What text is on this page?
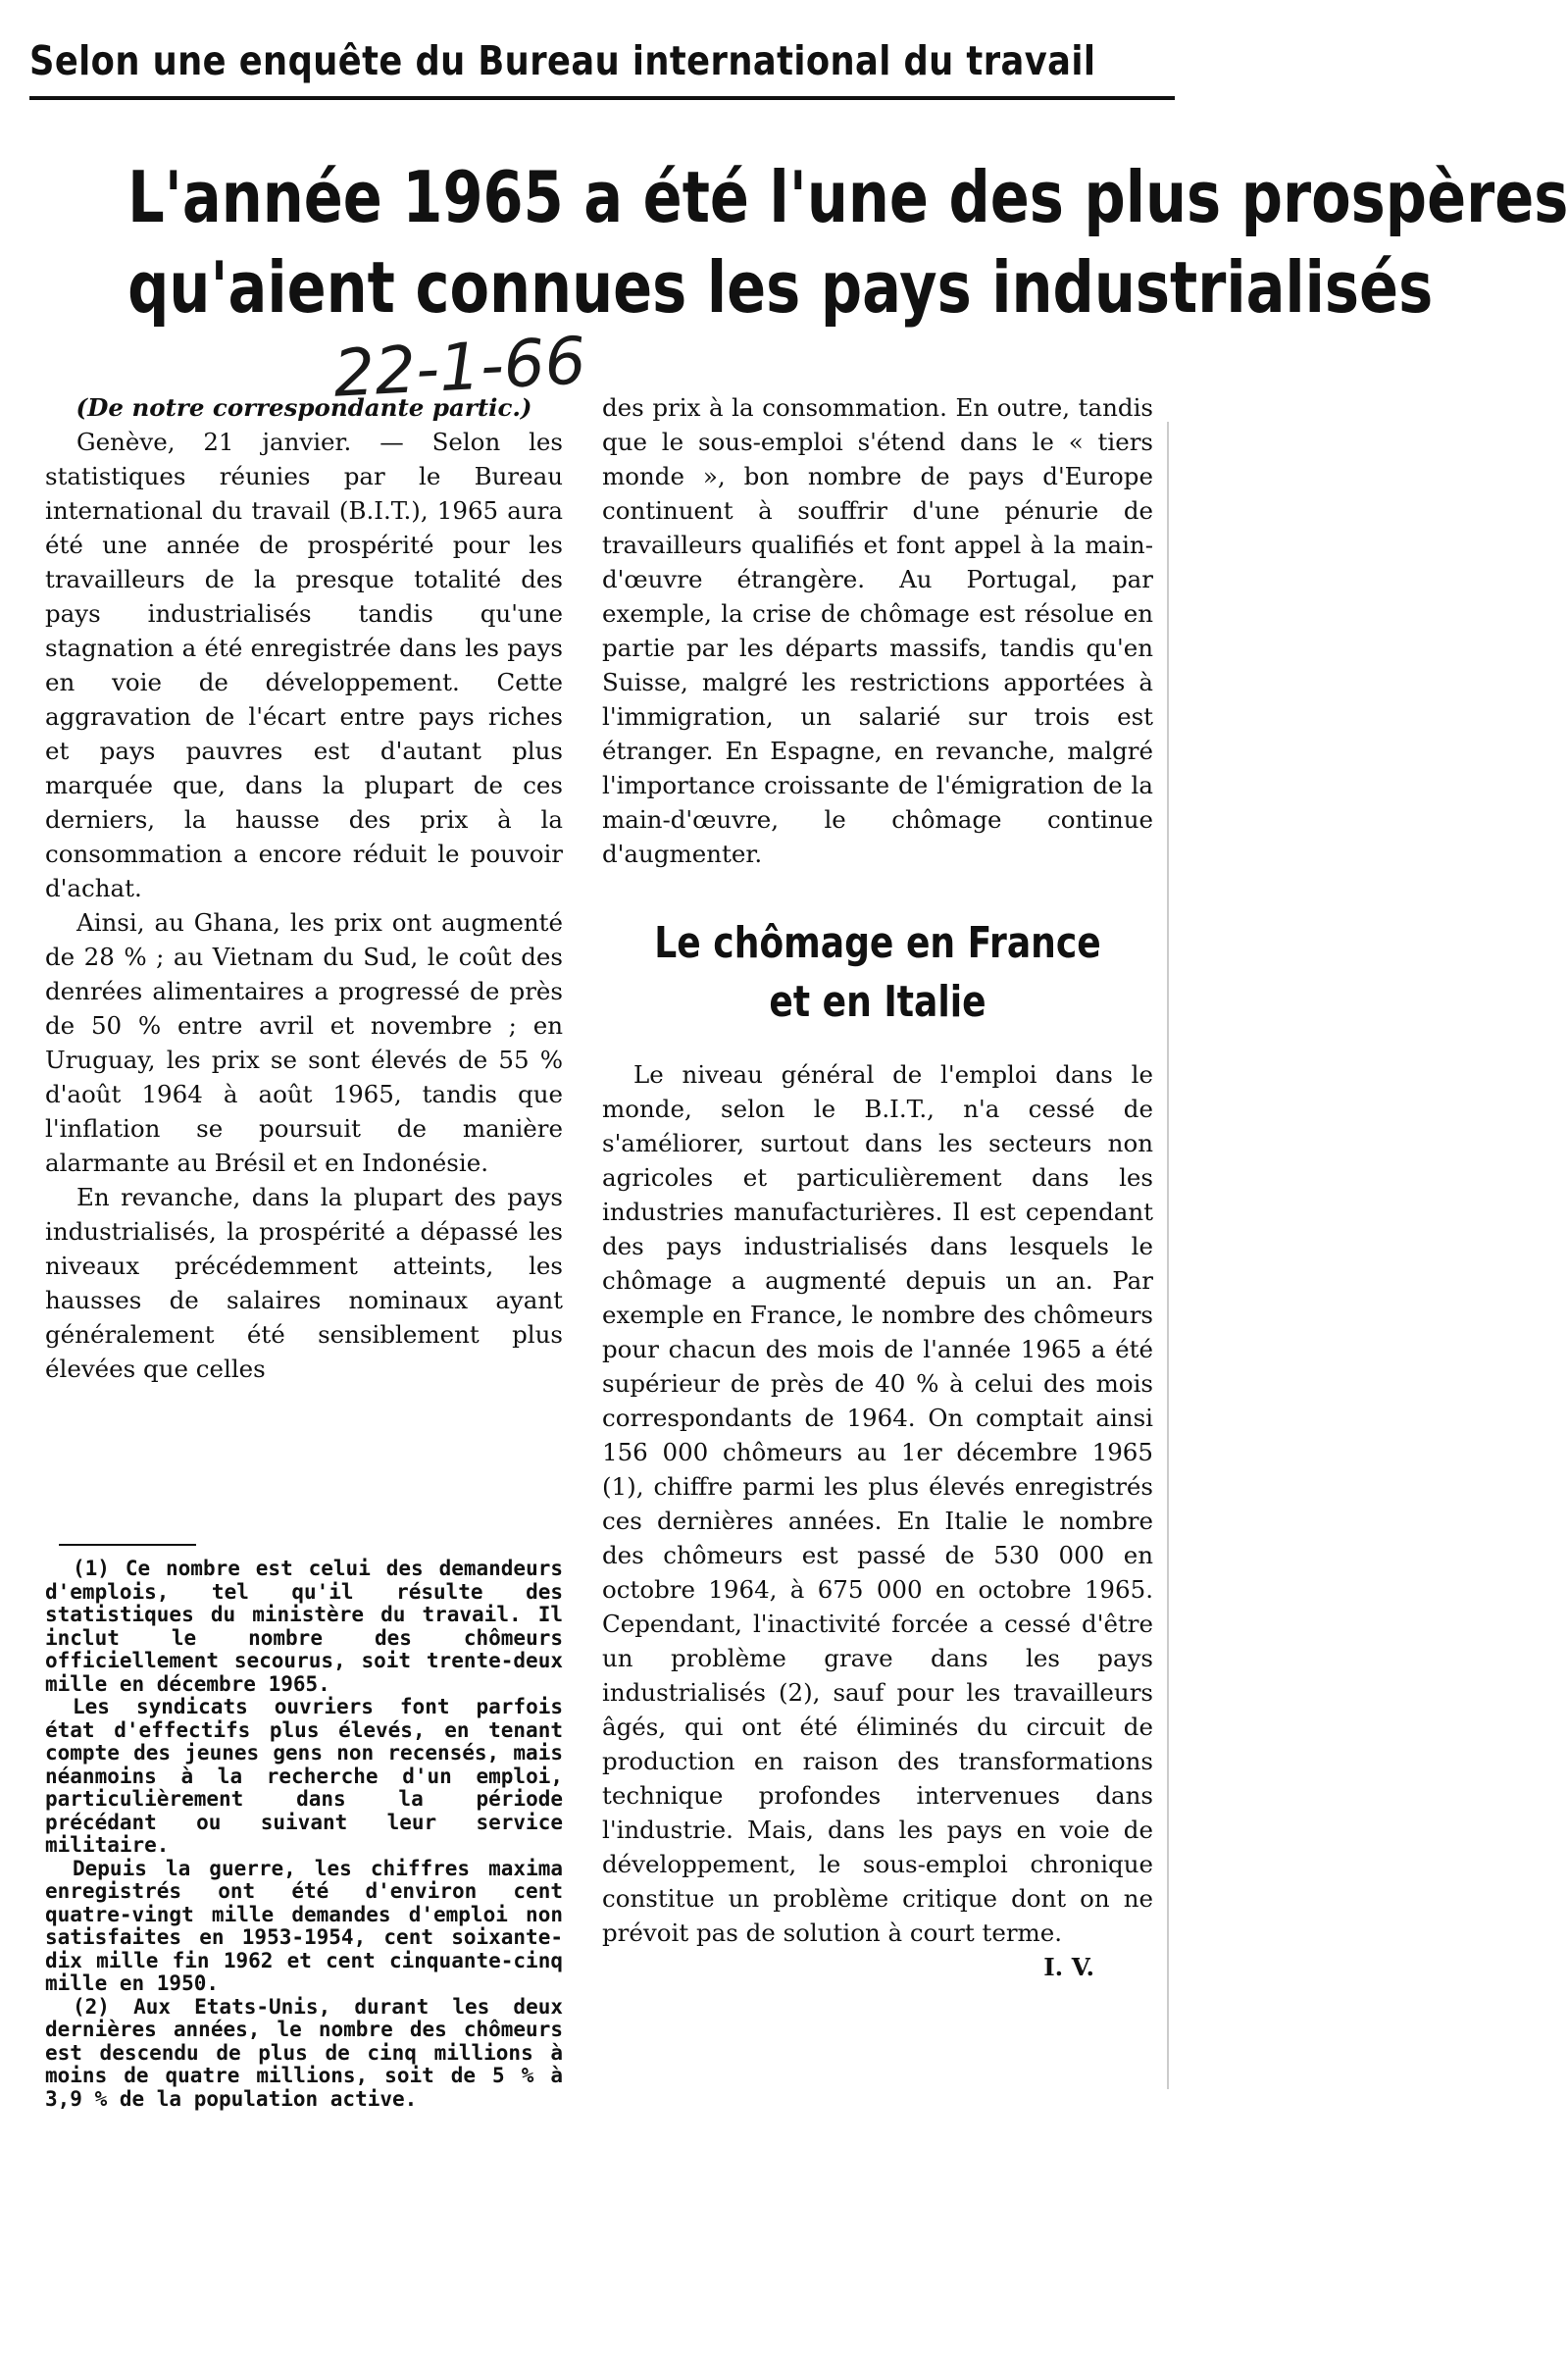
Selon une enquête du Bureau international du travail
L'année 1965 a été l'une des plus prospères
qu'aient connues les pays industrialisés
22-1-66

(De notre correspondante partic.)

Genève, 21 janvier. — Selon les statistiques réunies par le Bureau international du travail (B.I.T.), 1965 aura été une année de prospérité pour les travailleurs de la presque totalité des pays industrialisés tandis qu'une stagnation a été enregistrée dans les pays en voie de développement. Cette aggravation de l'écart entre pays riches et pays pauvres est d'autant plus marquée que, dans la plupart de ces derniers, la hausse des prix à la consommation a encore réduit le pouvoir d'achat.

Ainsi, au Ghana, les prix ont augmenté de 28 % ; au Vietnam du Sud, le coût des denrées alimentaires a progressé de près de 50 % entre avril et novembre ; en Uruguay, les prix se sont élevés de 55 % d'août 1964 à août 1965, tandis que l'inflation se poursuit de manière alarmante au Brésil et en Indonésie.

En revanche, dans la plupart des pays industrialisés, la prospérité a dépassé les niveaux précédemment atteints, les hausses de salaires nominaux ayant généralement été sensiblement plus élevées que celles

(1) Ce nombre est celui des demandeurs d'emplois, tel qu'il résulte des statistiques du ministère du travail. Il inclut le nombre des chômeurs officiellement secourus, soit trente-deux mille en décembre 1965.

Les syndicats ouvriers font parfois état d'effectifs plus élevés, en tenant compte des jeunes gens non recensés, mais néanmoins à la recherche d'un emploi, particulièrement dans la période précédant ou suivant leur service militaire.

Depuis la guerre, les chiffres maxima enregistrés ont été d'environ cent quatre-vingt mille demandes d'emploi non satisfaites en 1953-1954, cent soixante-dix mille fin 1962 et cent cinquante-cinq mille en 1950.

(2) Aux Etats-Unis, durant les deux dernières années, le nombre des chômeurs est descendu de plus de cinq millions à moins de quatre millions, soit de 5 % à 3,9 % de la population active.

des prix à la consommation. En outre, tandis que le sous-emploi s'étend dans le « tiers monde », bon nombre de pays d'Europe continuent à souffrir d'une pénurie de travailleurs qualifiés et font appel à la main-d'œuvre étrangère. Au Portugal, par exemple, la crise de chômage est résolue en partie par les départs massifs, tandis qu'en Suisse, malgré les restrictions apportées à l'immigration, un salarié sur trois est étranger. En Espagne, en revanche, malgré l'importance croissante de l'émigration de la main-d'œuvre, le chômage continue d'augmenter.

Le chômage en France
et en Italie

Le niveau général de l'emploi dans le monde, selon le B.I.T., n'a cessé de s'améliorer, surtout dans les secteurs non agricoles et particulièrement dans les industries manufacturières. Il est cependant des pays industrialisés dans lesquels le chômage a augmenté depuis un an. Par exemple en France, le nombre des chômeurs pour chacun des mois de l'année 1965 a été supérieur de près de 40 % à celui des mois correspondants de 1964. On comptait ainsi 156 000 chômeurs au 1er décembre 1965 (1), chiffre parmi les plus élevés enregistrés ces dernières années. En Italie le nombre des chômeurs est passé de 530 000 en octobre 1964, à 675 000 en octobre 1965. Cependant, l'inactivité forcée a cessé d'être un problème grave dans les pays industrialisés (2), sauf pour les travailleurs âgés, qui ont été éliminés du circuit de production en raison des transformations technique profondes intervenues dans l'industrie. Mais, dans les pays en voie de développement, le sous-emploi chronique constitue un problème critique dont on ne prévoit pas de solution à court terme.

I. V.
